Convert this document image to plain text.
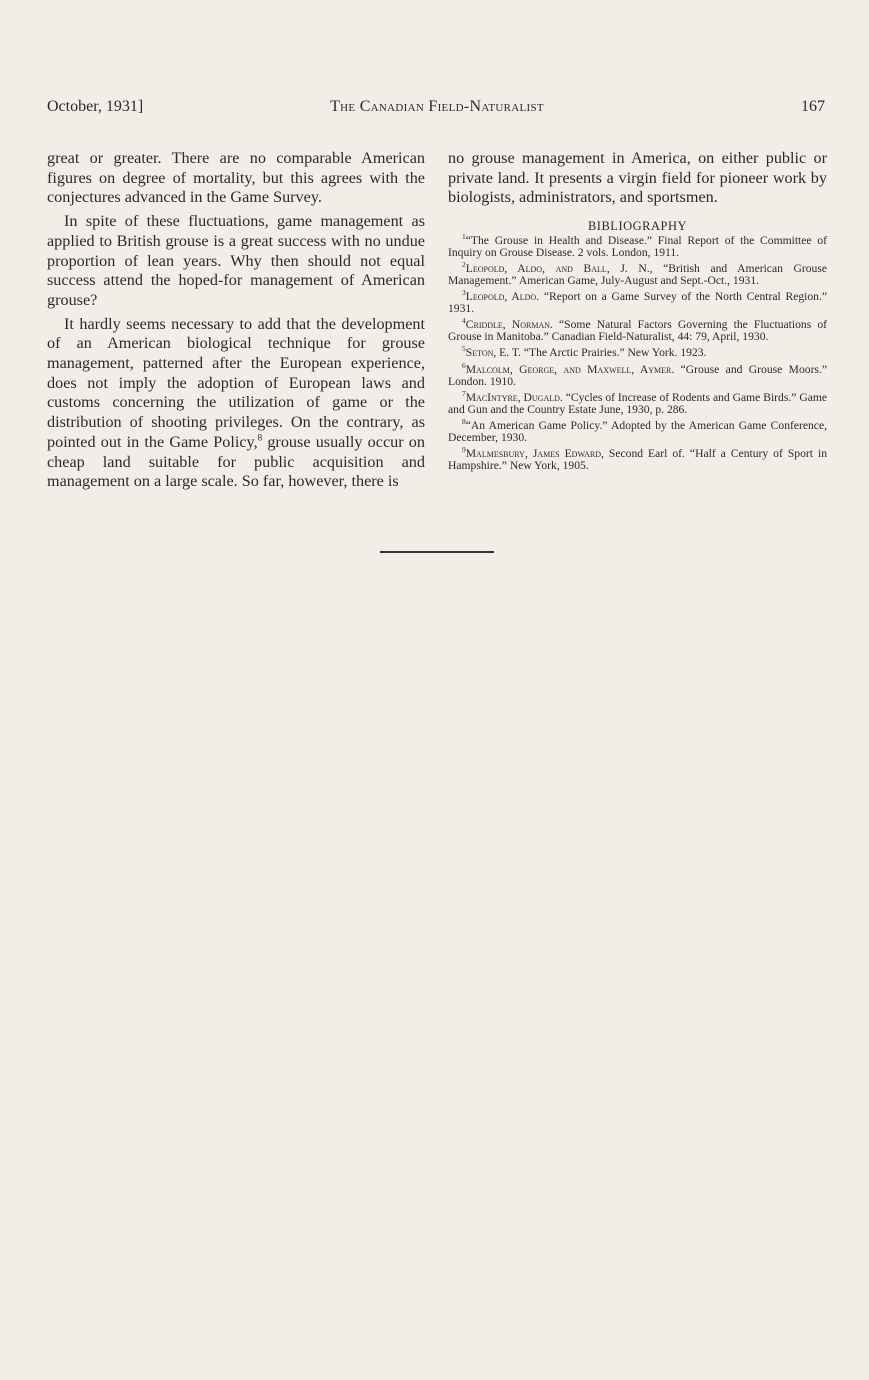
October, 1931]	The Canadian Field-Naturalist	167

great or greater. There are no comparable American figures on degree of mortality, but this agrees with the conjectures advanced in the Game Survey.

In spite of these fluctuations, game management as applied to British grouse is a great success with no undue proportion of lean years. Why then should not equal success attend the hoped-for management of American grouse?

It hardly seems necessary to add that the development of an American biological technique for grouse management, patterned after the European experience, does not imply the adoption of European laws and customs concerning the utilization of game or the distribution of shooting privileges. On the contrary, as pointed out in the Game Policy,$^8$ grouse usually occur on cheap land suitable for public acquisition and management on a large scale. So far, however, there is

no grouse management in America, on either public or private land. It presents a virgin field for pioneer work by biologists, administrators, and sportsmen.

BIBLIOGRAPHY

$^1$“The Grouse in Health and Disease.” Final Report of the Committee of Inquiry on Grouse Disease. 2 vols. London, 1911.

$^2$Leopold, Aldo, and Ball, J. N., “British and American Grouse Management.” American Game, July-August and Sept.-Oct., 1931.

$^3$Leopold, Aldo. “Report on a Game Survey of the North Central Region.” 1931.

$^4$Criddle, Norman. “Some Natural Factors Governing the Fluctuations of Grouse in Manitoba.” Canadian Field-Naturalist, 44: 79, April, 1930.

$^5$Seton, E. T. “The Arctic Prairies.” New York. 1923.

$^6$Malcolm, George, and Maxwell, Aymer. “Grouse and Grouse Moors.” London. 1910.

$^7$MacIntyre, Dugald. “Cycles of Increase of Rodents and Game Birds.” Game and Gun and the Country Estate June, 1930, p. 286.

$^8$“An American Game Policy.” Adopted by the American Game Conference, December, 1930.

$^9$Malmesbury, James Edward, Second Earl of. “Half a Century of Sport in Hampshire.” New York, 1905.
